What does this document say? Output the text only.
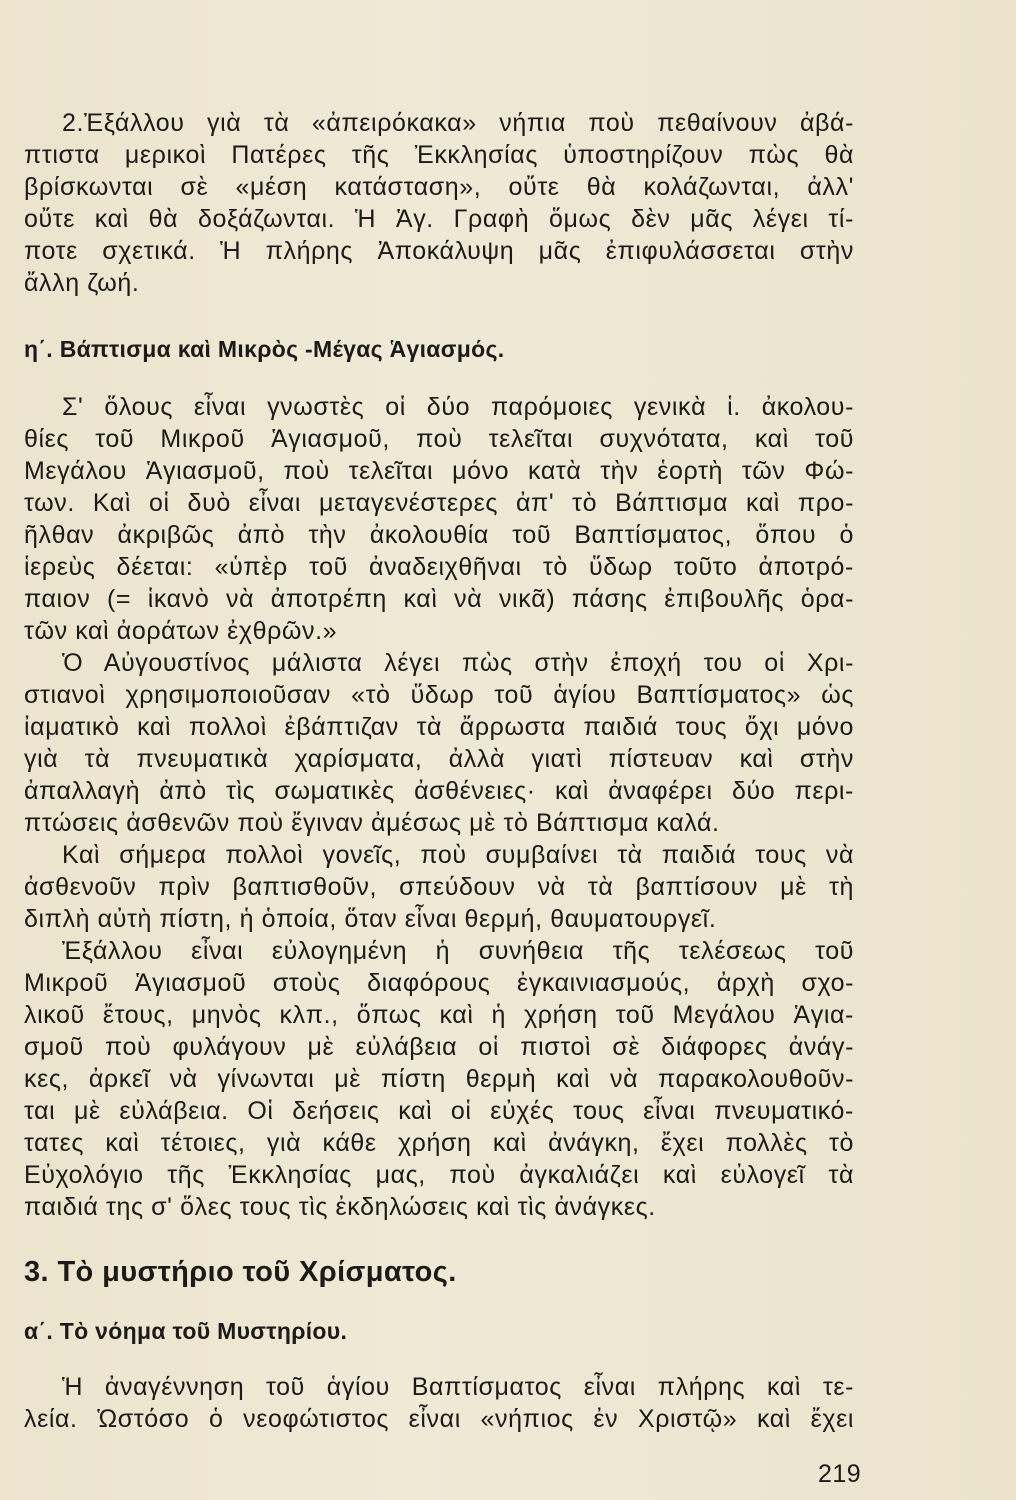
2.Ἐξάλλου γιὰ τὰ «ἀπειρόκακα» νήπια ποὺ πεθαίνουν ἀβά-
πτιστα μερικοὶ Πατέρες τῆς Ἐκκλησίας ὑποστηρίζουν πὼς θὰ
βρίσκωνται σὲ «μέση κατάσταση», οὔτε θὰ κολάζωνται, ἀλλ'
οὔτε καὶ θὰ δοξάζωνται. Ἡ Ἁγ. Γραφὴ ὅμως δὲν μᾶς λέγει τί-
ποτε σχετικά. Ἡ πλήρης Ἀποκάλυψη μᾶς ἐπιφυλάσσεται στὴν
ἄλλη ζωή.
η΄. Βάπτισμα καὶ Μικρὸς -Μέγας Ἁγιασμός.
Σ' ὅλους εἶναι γνωστὲς οἱ δύο παρόμοιες γενικὰ ἱ. ἀκολου-
θίες τοῦ Μικροῦ Ἁγιασμοῦ, ποὺ τελεῖται συχνότατα, καὶ τοῦ
Μεγάλου Ἁγιασμοῦ, ποὺ τελεῖται μόνο κατὰ τὴν ἑορτὴ τῶν Φώ-
των. Καὶ οἱ δυὸ εἶναι μεταγενέστερες ἀπ' τὸ Βάπτισμα καὶ προ-
ῆλθαν ἀκριβῶς ἀπὸ τὴν ἀκολουθία τοῦ Βαπτίσματος, ὅπου ὁ
ἱερεὺς δέεται: «ὑπὲρ τοῦ ἀναδειχθῆναι τὸ ὕδωρ τοῦτο ἀποτρό-
παιον (= ἱκανὸ νὰ ἀποτρέπη καὶ νὰ νικᾶ) πάσης ἐπιβουλῆς ὁρα-
τῶν καὶ ἀοράτων ἐχθρῶν.»
Ὁ Αὐγουστίνος μάλιστα λέγει πὼς στὴν ἐποχή του οἱ Χρι-
στιανοὶ χρησιμοποιοῦσαν «τὸ ὕδωρ τοῦ ἁγίου Βαπτίσματος» ὡς
ἰαματικὸ καὶ πολλοὶ ἐβάπτιζαν τὰ ἄρρωστα παιδιά τους ὄχι μόνο
γιὰ τὰ πνευματικὰ χαρίσματα, ἀλλὰ γιατὶ πίστευαν καὶ στὴν
ἀπαλλαγὴ ἀπὸ τὶς σωματικὲς ἀσθένειες· καὶ ἀναφέρει δύο περι-
πτώσεις ἀσθενῶν ποὺ ἔγιναν ἀμέσως μὲ τὸ Βάπτισμα καλά.
Καὶ σήμερα πολλοὶ γονεῖς, ποὺ συμβαίνει τὰ παιδιά τους νὰ
ἀσθενοῦν πρὶν βαπτισθοῦν, σπεύδουν νὰ τὰ βαπτίσουν μὲ τὴ
διπλὴ αὐτὴ πίστη, ἡ ὁποία, ὅταν εἶναι θερμή, θαυματουργεῖ.
Ἐξάλλου εἶναι εὐλογημένη ἡ συνήθεια τῆς τελέσεως τοῦ
Μικροῦ Ἁγιασμοῦ στοὺς διαφόρους ἐγκαινιασμούς, ἀρχὴ σχο-
λικοῦ ἔτους, μηνὸς κλπ., ὅπως καὶ ἡ χρήση τοῦ Μεγάλου Ἁγια-
σμοῦ ποὺ φυλάγουν μὲ εὐλάβεια οἱ πιστοὶ σὲ διάφορες ἀνάγ-
κες, ἀρκεῖ νὰ γίνωνται μὲ πίστη θερμὴ καὶ νὰ παρακολουθοῦν-
ται μὲ εὐλάβεια. Οἱ δεήσεις καὶ οἱ εὐχές τους εἶναι πνευματικό-
τατες καὶ τέτοιες, γιὰ κάθε χρήση καὶ ἀνάγκη, ἔχει πολλὲς τὸ
Εὐχολόγιο τῆς Ἐκκλησίας μας, ποὺ ἀγκαλιάζει καὶ εὐλογεῖ τὰ
παιδιά της σ' ὅλες τους τὶς ἐκδηλώσεις καὶ τὶς ἀνάγκες.
3. Τὸ μυστήριο τοῦ Χρίσματος.
α΄. Τὸ νόημα τοῦ Μυστηρίου.
Ἡ ἀναγέννηση τοῦ ἁγίου Βαπτίσματος εἶναι πλήρης καὶ τε-
λεία. Ὡστόσο ὁ νεοφώτιστος εἶναι «νήπιος ἐν Χριστῷ» καὶ ἔχει
219
